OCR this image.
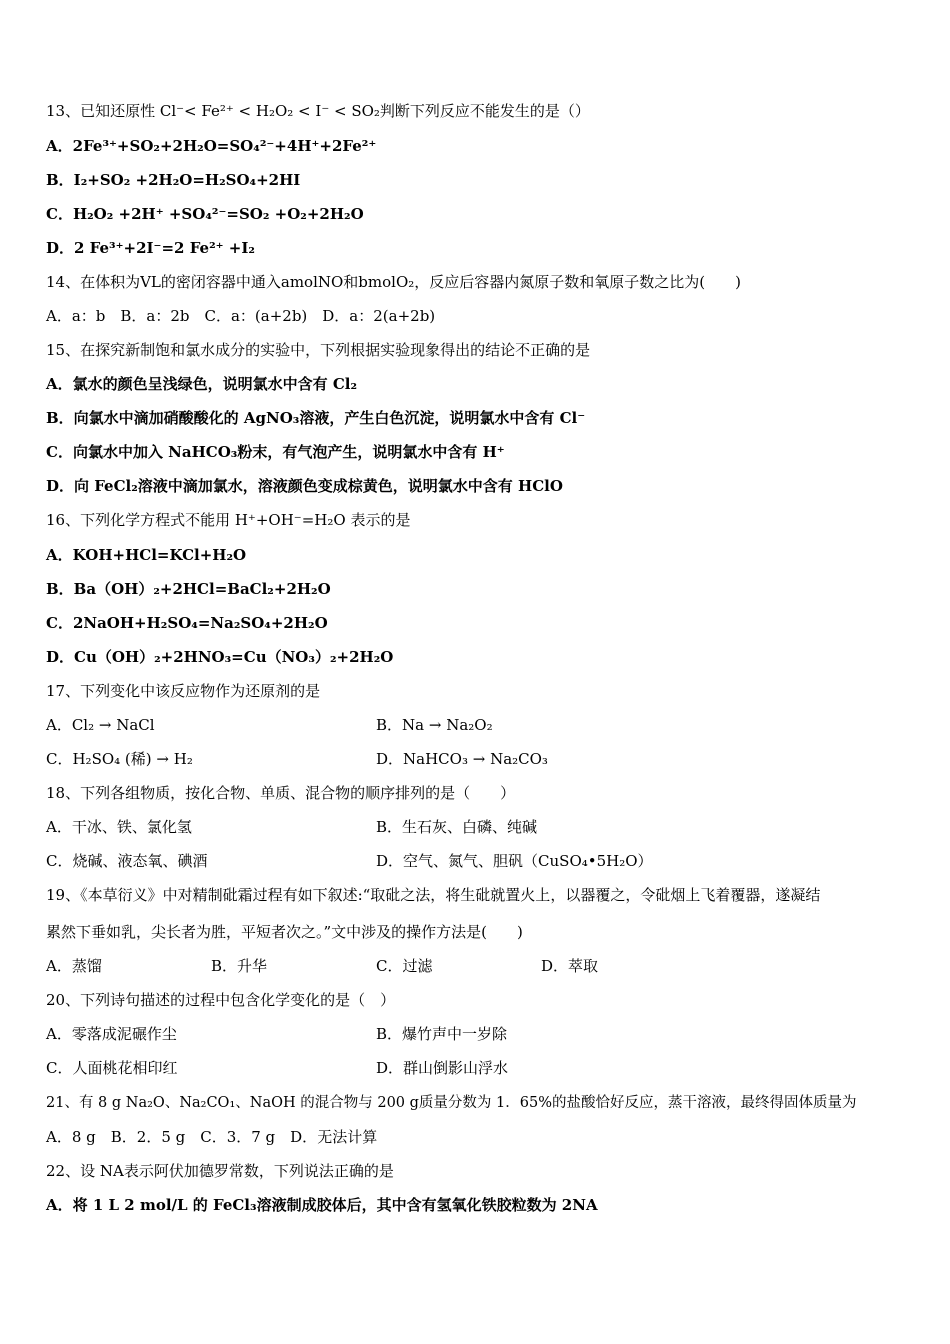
13、已知还原性 Cl⁻< Fe²⁺ < H₂O₂ < I⁻ < SO₂判断下列反应不能发生的是（）
A．2Fe³⁺+SO₂+2H₂O=SO₄²⁻+4H⁺+2Fe²⁺
B．I₂+SO₂ +2H₂O=H₂SO₄+2HI
C．H₂O₂ +2H⁺ +SO₄²⁻=SO₂ +O₂+2H₂O
D．2 Fe³⁺+2I⁻=2 Fe²⁺ +I₂
14、在体积为VL的密闭容器中通入amolNO和bmolO₂，反应后容器内氮原子数和氧原子数之比为(　　)
A．a：b　B．a：2b　C．a：(a+2b)　D．a：2(a+2b)
15、在探究新制饱和氯水成分的实验中，下列根据实验现象得出的结论不正确的是
A．氯水的颜色呈浅绿色，说明氯水中含有 Cl₂
B．向氯水中滴加硝酸酸化的 AgNO₃溶液，产生白色沉淀，说明氯水中含有 Cl⁻
C．向氯水中加入 NaHCO₃粉末，有气泡产生，说明氯水中含有 H⁺
D．向 FeCl₂溶液中滴加氯水，溶液颜色变成棕黄色，说明氯水中含有 HClO
16、下列化学方程式不能用 H⁺+OH⁻=H₂O 表示的是
A．KOH+HCl=KCl+H₂O
B．Ba（OH）₂+2HCl=BaCl₂+2H₂O
C．2NaOH+H₂SO₄=Na₂SO₄+2H₂O
D．Cu（OH）₂+2HNO₃=Cu（NO₃）₂+2H₂O
17、下列变化中该反应物作为还原剂的是
A．Cl₂ → NaCl	B．Na → Na₂O₂
C．H₂SO₄ (稀) → H₂	D．NaHCO₃ → Na₂CO₃
18、下列各组物质，按化合物、单质、混合物的顺序排列的是（　　）
A．干冰、铁、氯化氢	B．生石灰、白磷、纯碱
C．烧碱、液态氧、碘酒	D．空气、氮气、胆矾（CuSO₄•5H₂O）
19、《本草衍义》中对精制砒霜过程有如下叙述:“取砒之法，将生砒就置火上，以器覆之，令砒烟上飞着覆器，遂凝结
累然下垂如乳，尖长者为胜，平短者次之。”文中涉及的操作方法是(　　)
A．蒸馏	B．升华	C．过滤	D．萃取
20、下列诗句描述的过程中包含化学变化的是（　）
A．零落成泥碾作尘	B．爆竹声中一岁除
C．人面桃花相印红	D．群山倒影山浮水
21、有 8 g Na₂O、Na₂CO₁、NaOH 的混合物与 200 g质量分数为 1．65%的盐酸恰好反应，蒸干溶液，最终得固体质量为
A．8 g　B．2．5 g　C．3．7 g　D．无法计算
22、设 NA表示阿伏加德罗常数，下列说法正确的是
A．将 1 L 2 mol/L 的 FeCl₃溶液制成胶体后，其中含有氢氧化铁胶粒数为 2NA
